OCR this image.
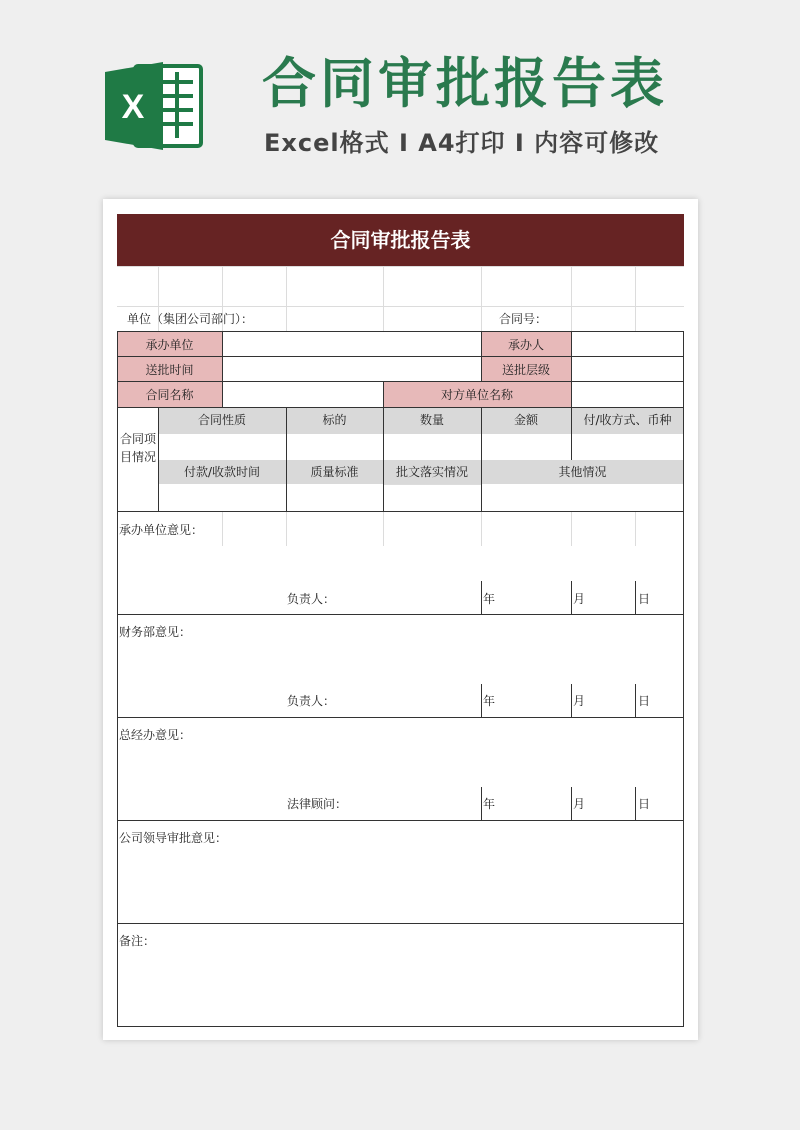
X 合同审批报告表
Excel格式 I A4打印 I 内容可修改
合同审批报告表
单位（集团公司部门）：	合同号：
承办单位	承办人
送批时间	送批层级
合同名称	对方单位名称
合同项目情况
合同性质	标的	数量	金额	付/收方式、币种
付款/收款时间	质量标准	批文落实情况	其他情况
承办单位意见：
负责人：	年	月	日
财务部意见：
负责人：	年	月	日
总经办意见：
法律顾问：	年	月	日
公司领导审批意见：
备注：
